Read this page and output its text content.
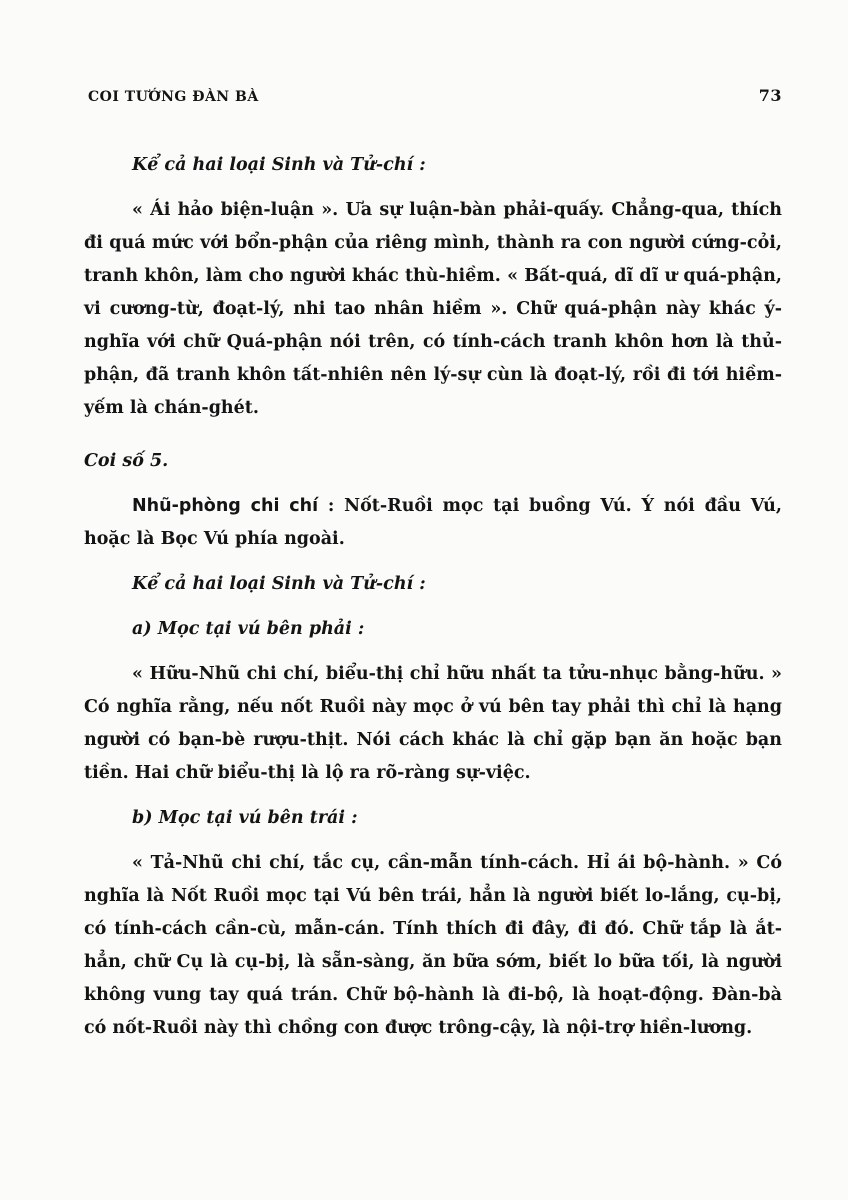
COI TƯỚNG ĐÀN BÀ	73

Kể cả hai loại Sinh và Tử-chí :

« Ái hảo biện-luận ». Ưa sự luận-bàn phải-quấy. Chẳng-qua, thích đi quá mức với bổn-phận của riêng mình, thành ra con người cứng-cỏi, tranh khôn, làm cho người khác thù-hiềm. « Bất-quá, dĩ dĩ ư quá-phận, vi cương-từ, đoạt-lý, nhi tao nhân hiềm ». Chữ quá-phận này khác ý-nghĩa với chữ Quá-phận nói trên, có tính-cách tranh khôn hơn là thủ-phận, đã tranh khôn tất-nhiên nên lý-sự cùn là đoạt-lý, rồi đi tới hiềm-yếm là chán-ghét.

Coi số 5.

Nhũ-phòng chi chí : Nốt-Ruồi mọc tại buồng Vú. Ý nói đầu Vú, hoặc là Bọc Vú phía ngoài.

Kể cả hai loại Sinh và Tử-chí :

a) Mọc tại vú bên phải :

« Hữu-Nhũ chi chí, biểu-thị chỉ hữu nhất ta tửu-nhục bằng-hữu. » Có nghĩa rằng, nếu nốt Ruồi này mọc ở vú bên tay phải thì chỉ là hạng người có bạn-bè rượu-thịt. Nói cách khác là chỉ gặp bạn ăn hoặc bạn tiền. Hai chữ biểu-thị là lộ ra rõ-ràng sự-việc.

b) Mọc tại vú bên trái :

« Tả-Nhũ chi chí, tắc cụ, cần-mẫn tính-cách. Hỉ ái bộ-hành. » Có nghĩa là Nốt Ruồi mọc tại Vú bên trái, hẳn là người biết lo-lắng, cụ-bị, có tính-cách cần-cù, mẫn-cán. Tính thích đi đây, đi đó. Chữ tắp là ắt-hẳn, chữ Cụ là cụ-bị, là sẵn-sàng, ăn bữa sớm, biết lo bữa tối, là người không vung tay quá trán. Chữ bộ-hành là đi-bộ, là hoạt-động. Đàn-bà có nốt-Ruồi này thì chồng con được trông-cậy, là nội-trợ hiền-lương.
